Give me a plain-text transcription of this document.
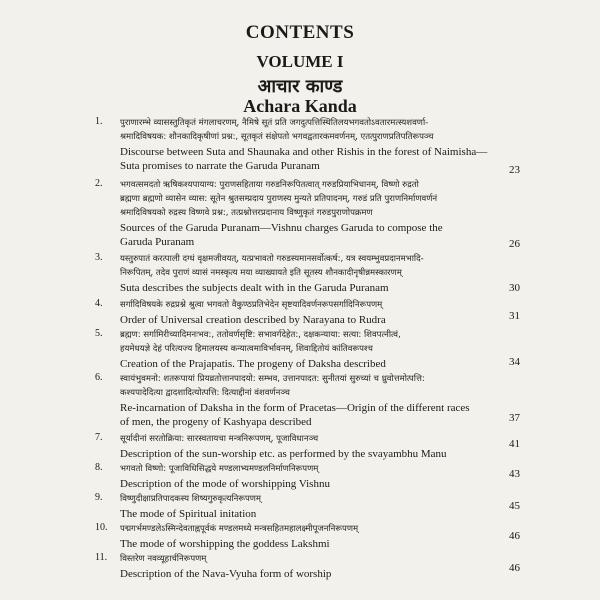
CONTENTS
VOLUME I
आचार काण्ड
Achara Kanda
1. पुराणारम्भे व्यासस्तुतिकृतं मंगलाचरणम्, नैमिषे सूतं प्रति जगदुत्पत्तिस्थितिलयभगवतोऽवतारमत्स्यशवर्णा-
श्रमादिविषयक: शौनकादिकृषीणां प्रश्न:, सूतकृतं संक्षेपतो भगवद्वतारकमवर्णनम्, एतत्पुराणप्रतिपतिरूपञ्च
Discourse between Suta and Shaunaka and other Rishis in the forest of Naimisha—
Suta promises to narrate the Garuda Puranam	23
2. भगवत्समदतो ऋषिकश्यपायाग्य: पुराणसहिताया गरुडनिरूपितत्वात् गरुडप्रियाभिधानम्, विष्णो रुद्रतो
ब्रह्मणा ब्रह्मणो व्यासेन व्यास: सूतेन श्रुतसम्प्रदाय पुराणस्य मुन्यते प्रतिपादनम्, गरुडं प्रति पुराणनिर्माणवर्णनं
श्रमादिविषयको रुद्रस्य विष्णवे प्रश्न:, तत्प्रश्नोत्तरप्रदानाय विष्णुकृतं गरुडपुराणोपक्रमण
Sources of the Garuda Puranam—Vishnu charges Garuda to compose the
Garuda Puranam	26
3. यस्तुरुपातं करत्पाली दग्धं वृक्षमजीवयत्, यत्प्रभावतो गरुडस्यमानसर्वोत्कर्ष:, यत्र स्वयम्भुवप्रदानमभादि-
निरूपितम्, तदेव पुराणं व्यासं नमस्कृत्य मया व्याख्यायते इति सूतस्य शौनकादीनृषीन्नमस्कारणम्
Suta describes the subjects dealt with in the Garuda Puranam	30
4. सर्गादिविषयके रुद्रप्रश्ने श्रुत्वा भगवतो वैकुण्ठप्रतिभेदेन सृष्टयादिवर्णनरूपसर्गादिनिरूपणम्
Order of Universal creation described by Narayana to Rudra	31
5. ब्रह्मण: सर्गामिरीच्यादिमनःभव:, ततोवर्णसृष्टि: सभावर्गदेहेत:, दक्षकन्याया: सत्या: शिवपत्नीत्वं,
हयमेधयज्ञे देहं परित्यज्य हिमालयस्य कन्यात्वमाविर्भावनम्, शिवाद्दितोयं कांतिवरूपश्च
Creation of the Prajapatis. The progeny of Daksha described	34
6. स्वायंभुवमनो: शतरूपायां प्रियव्रतोत्तानपादयो: सम्भव, उत्तानपादत: सुनीतयां सुरुच्यां च ध्रुवोत्तमोत्पत्ति:
कश्यपादेदित्या द्वादशादित्योत्पत्ति: दित्याद्दीनां वंशवर्णनञ्च
Re-incarnation of Daksha in the form of Pracetas—Origin of the different races
of men, the progeny of Kashyapa described	37
7. सूर्यादीनां सरतोक्रिया: सारस्वतायचा मन्त्रनिरूपणम्, पूजाविधानञ्च
Description of the sun-worship etc. as performed by the svayambhu Manu
41
8. भगवतो विष्णो: पूजाविधिसिद्धये मण्डलाभ्यमण्डलनिर्माणनिरूपणम्
Description of the mode of worshipping Vishnu
43
9. विष्णुदीक्षाप्रतिपादकस्य शिष्यगुरुकृत्यनिरूपणम्
The mode of Spiritual initation
45
10. पद्मगर्भमण्डलेऽस्मिन्देवताह्नपूर्वकं मण्डलमध्ये मन्त्रसहितमहालक्ष्मीपूजननिरूपणम्
The mode of worshipping the goddess Lakshmi
46
11. विस्तरेण नवव्यूहार्चनिरूपणम्
Description of the Nava-Vyuha form of worship	46
